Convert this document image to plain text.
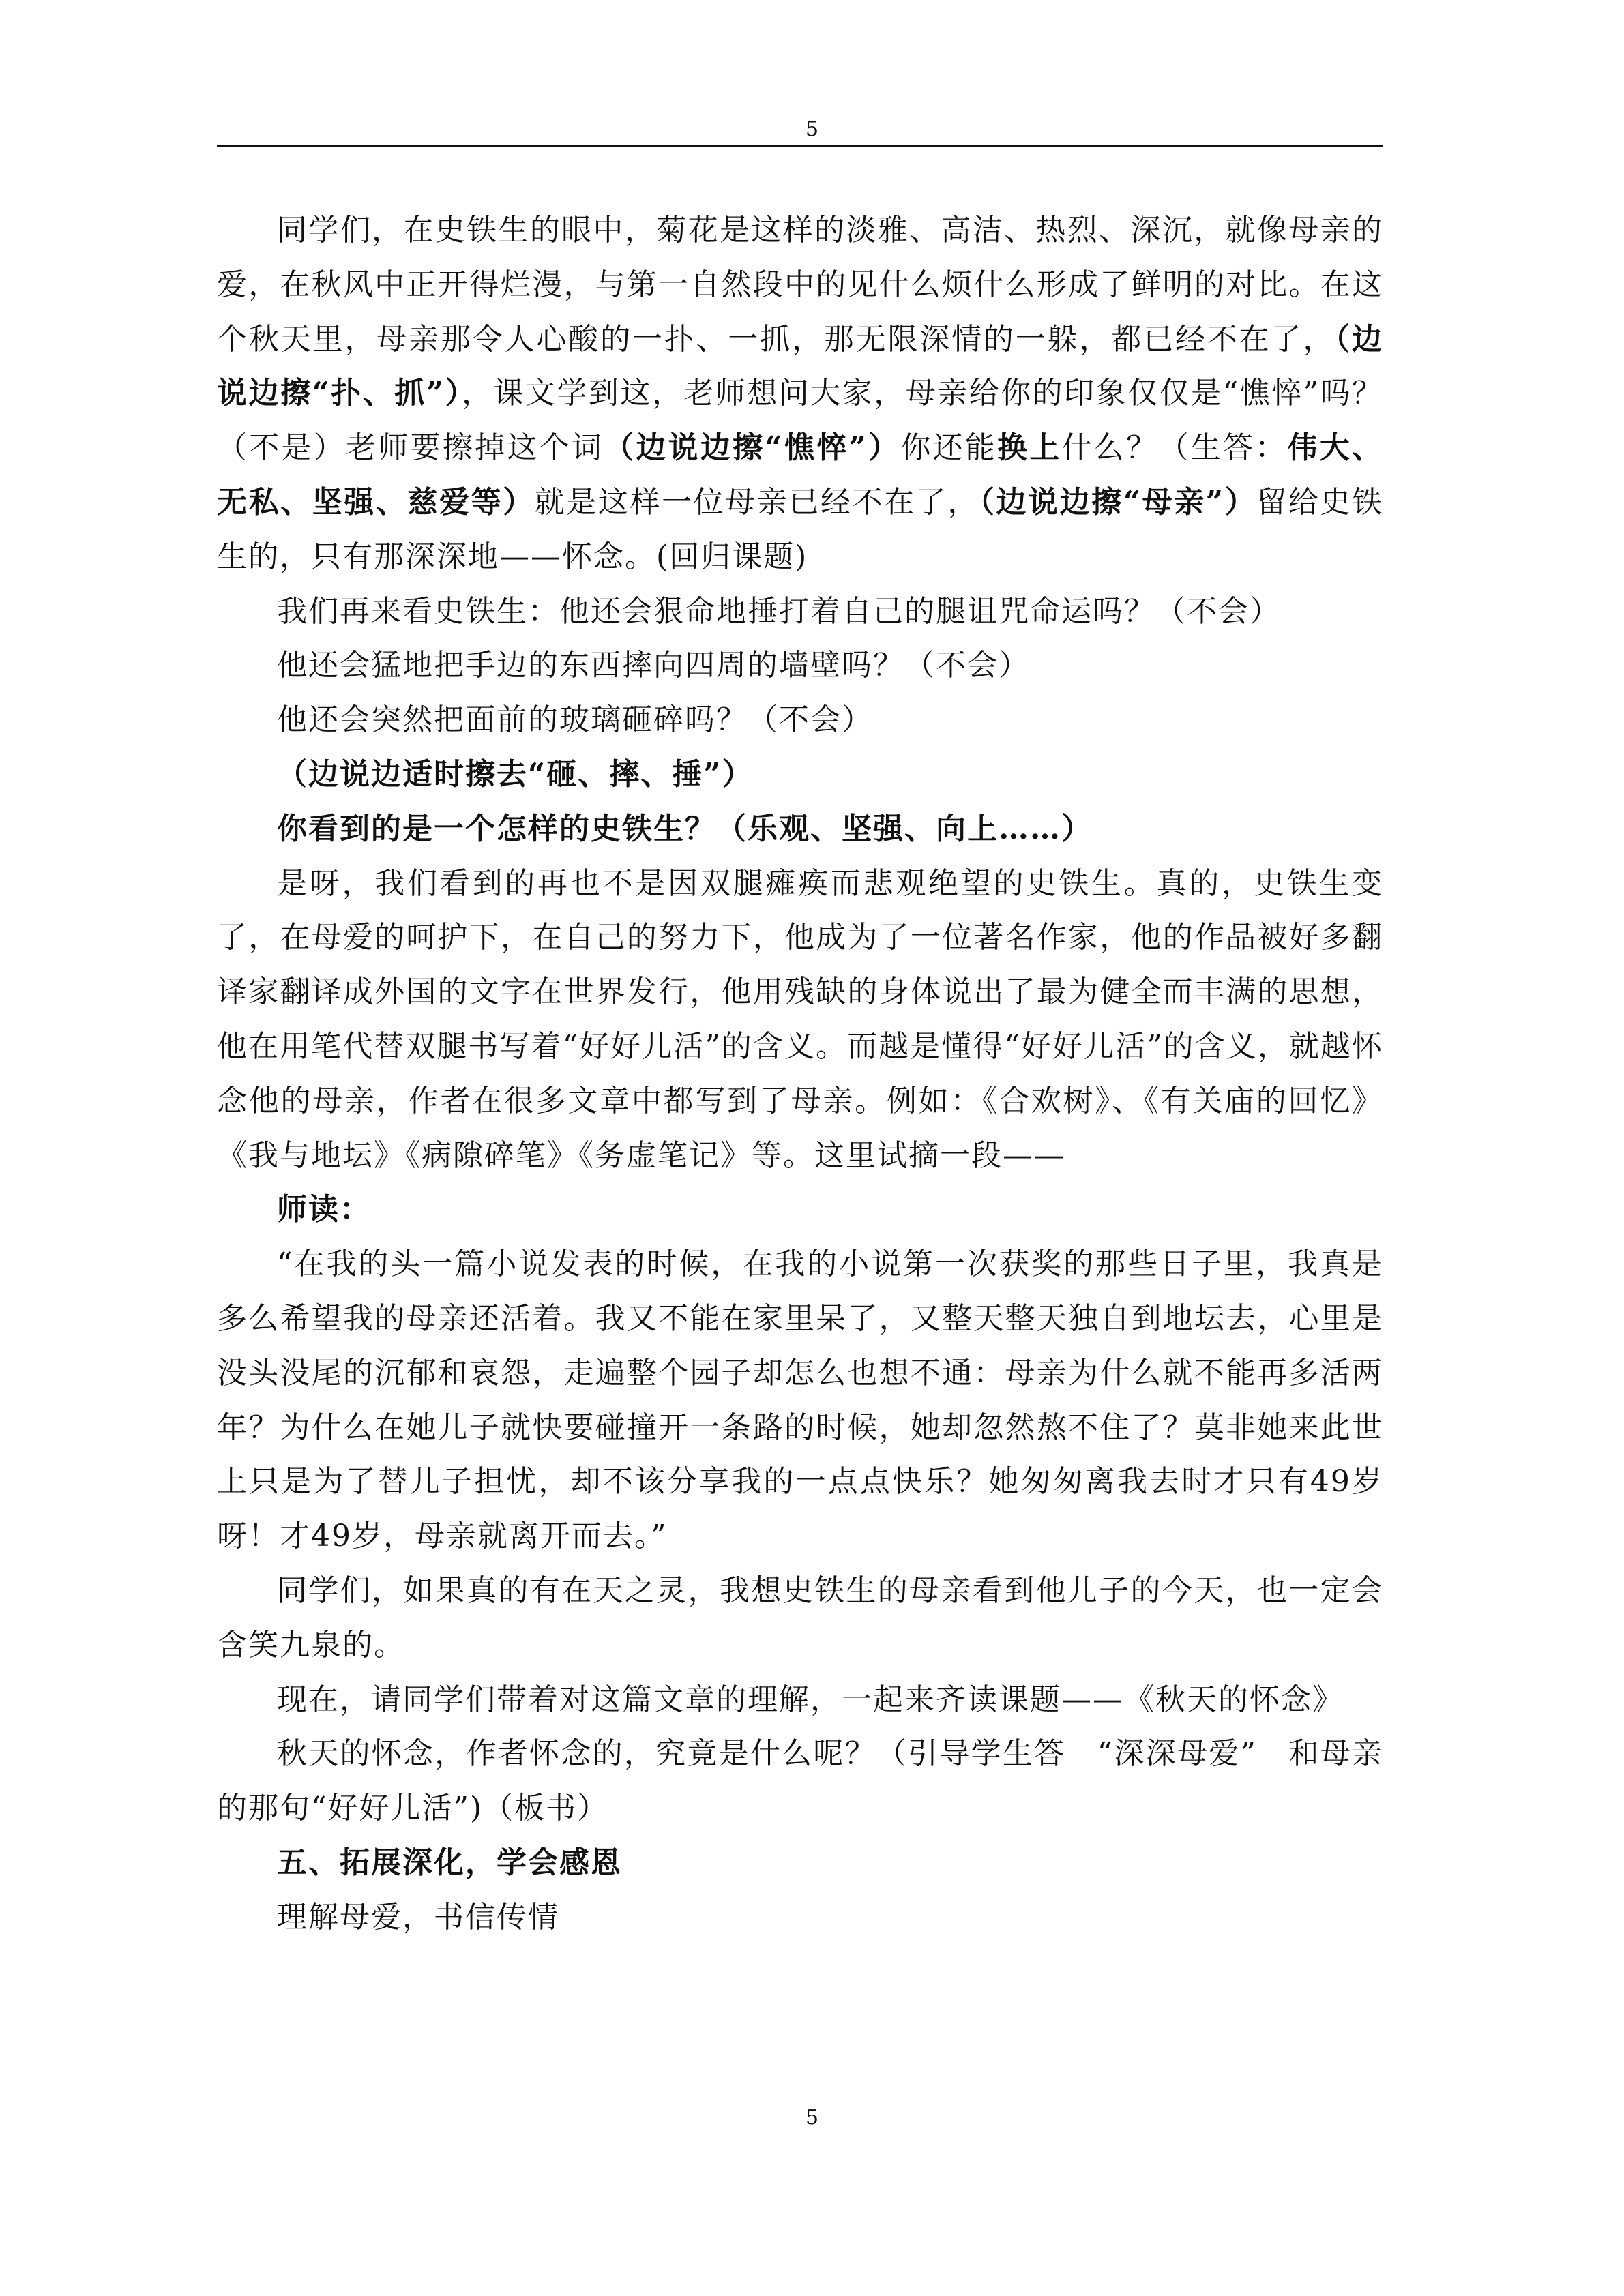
5

同学们，在史铁生的眼中，菊花是这样的淡雅、高洁、热烈、深沉，就像母亲的爱，在秋风中正开得烂漫，与第一自然段中的见什么烦什么形成了鲜明的对比。在这个秋天里，母亲那令人心酸的一扑、一抓，那无限深情的一躲，都已经不在了，（边说边擦“扑、抓”），课文学到这，老师想问大家，母亲给你的印象仅仅是“憔悴”吗？（不是）老师要擦掉这个词（边说边擦“憔悴”）你还能换上什么？（生答：伟大、无私、坚强、慈爱等）就是这样一位母亲已经不在了，（边说边擦“母亲”）留给史铁生的，只有那深深地——怀念。(回归课题)

我们再来看史铁生：他还会狠命地捶打着自己的腿诅咒命运吗？（不会）

他还会猛地把手边的东西摔向四周的墙壁吗？（不会）

他还会突然把面前的玻璃砸碎吗？（不会）

（边说边适时擦去“砸、摔、捶”）

你看到的是一个怎样的史铁生？（乐观、坚强、向上……）

是呀，我们看到的再也不是因双腿瘫痪而悲观绝望的史铁生。真的，史铁生变了，在母爱的呵护下，在自己的努力下，他成为了一位著名作家，他的作品被好多翻译家翻译成外国的文字在世界发行，他用残缺的身体说出了最为健全而丰满的思想，他在用笔代替双腿书写着“好好儿活”的含义。而越是懂得“好好儿活”的含义，就越怀念他的母亲，作者在很多文章中都写到了母亲。例如：《合欢树》、《有关庙的回忆》《我与地坛》《病隙碎笔》《务虚笔记》等。这里试摘一段——

师读：

“在我的头一篇小说发表的时候，在我的小说第一次获奖的那些日子里，我真是多么希望我的母亲还活着。我又不能在家里呆了，又整天整天独自到地坛去，心里是没头没尾的沉郁和哀怨，走遍整个园子却怎么也想不通：母亲为什么就不能再多活两年？为什么在她儿子就快要碰撞开一条路的时候，她却忽然熬不住了？莫非她来此世上只是为了替儿子担忧，却不该分享我的一点点快乐？她匆匆离我去时才只有49岁呀！才49岁，母亲就离开而去。”

同学们，如果真的有在天之灵，我想史铁生的母亲看到他儿子的今天，也一定会含笑九泉的。

现在，请同学们带着对这篇文章的理解，一起来齐读课题——《秋天的怀念》

秋天的怀念，作者怀念的，究竟是什么呢？（引导学生答　“深深母爱”　和母亲的那句“好好儿活”)（板书）

五、拓展深化，学会感恩

理解母爱，书信传情

5
